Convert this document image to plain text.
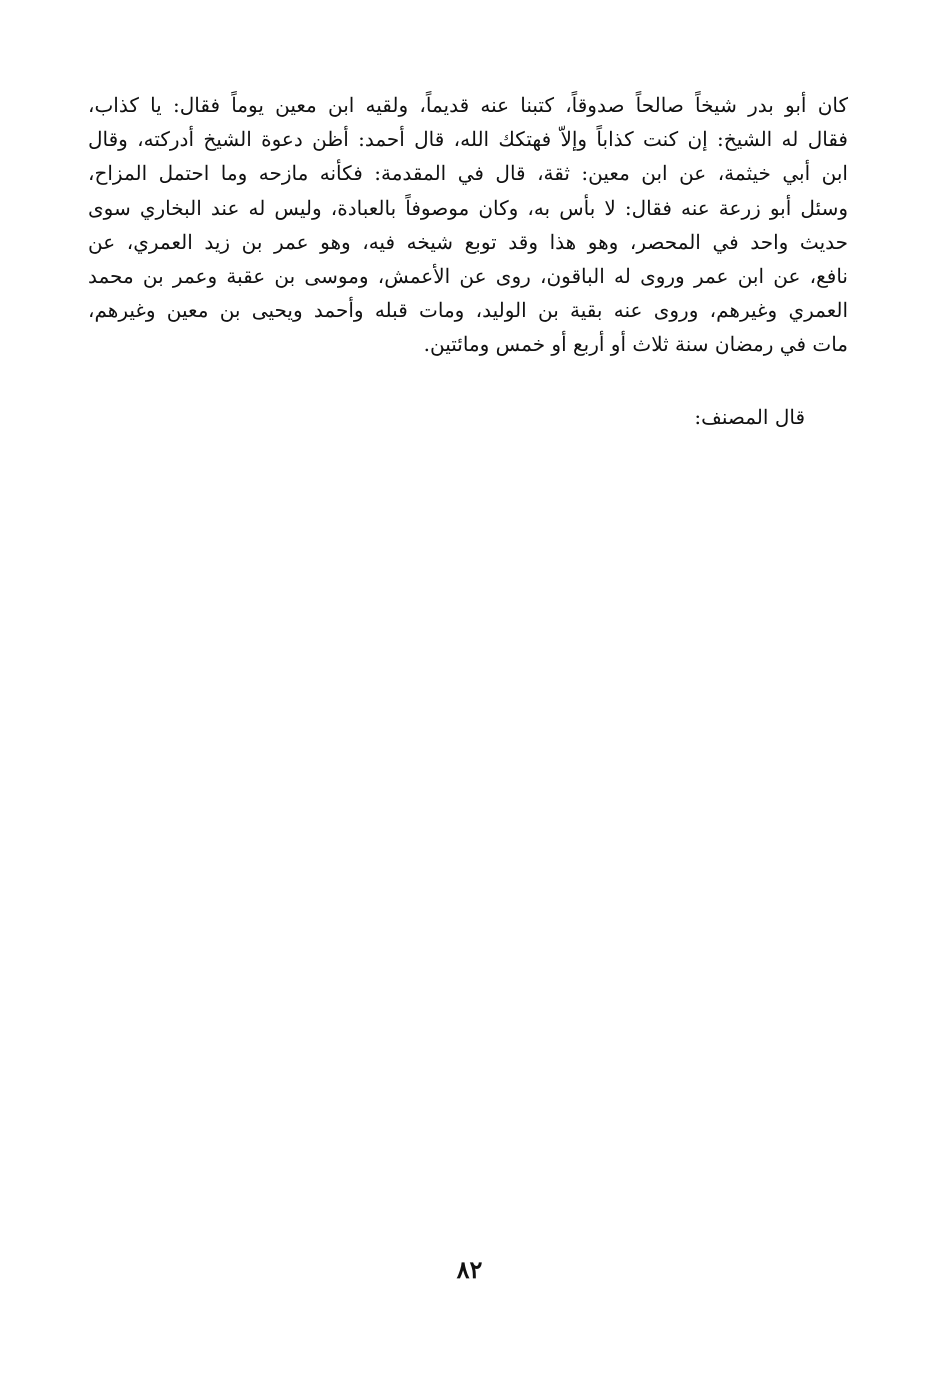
كان أبو بدر شيخاً صالحاً صدوقاً، كتبنا عنه قديماً، ولقيه ابن معين يوماً فقال: يا كذاب،
فقال له الشيخ: إن كنت كذاباً وإلاّ فهتكك الله، قال أحمد: أظن دعوة الشيخ أدركته، وقال
ابن أبي خيثمة، عن ابن معين: ثقة، قال في المقدمة: فكأنه مازحه وما احتمل المزاح،
وسئل أبو زرعة عنه فقال: لا بأس به، وكان موصوفاً بالعبادة، وليس له عند البخاري سوى
حديث واحد في المحصر، وهو هذا وقد توبع شيخه فيه، وهو عمر بن زيد العمري، عن
نافع، عن ابن عمر وروى له الباقون، روى عن الأعمش، وموسى بن عقبة وعمر بن محمد
العمري وغيرهم، وروى عنه بقية بن الوليد، ومات قبله وأحمد ويحيى بن معين وغيرهم،
مات في رمضان سنة ثلاث أو أربع أو خمس ومائتين.
قال المصنف:
٨٢
